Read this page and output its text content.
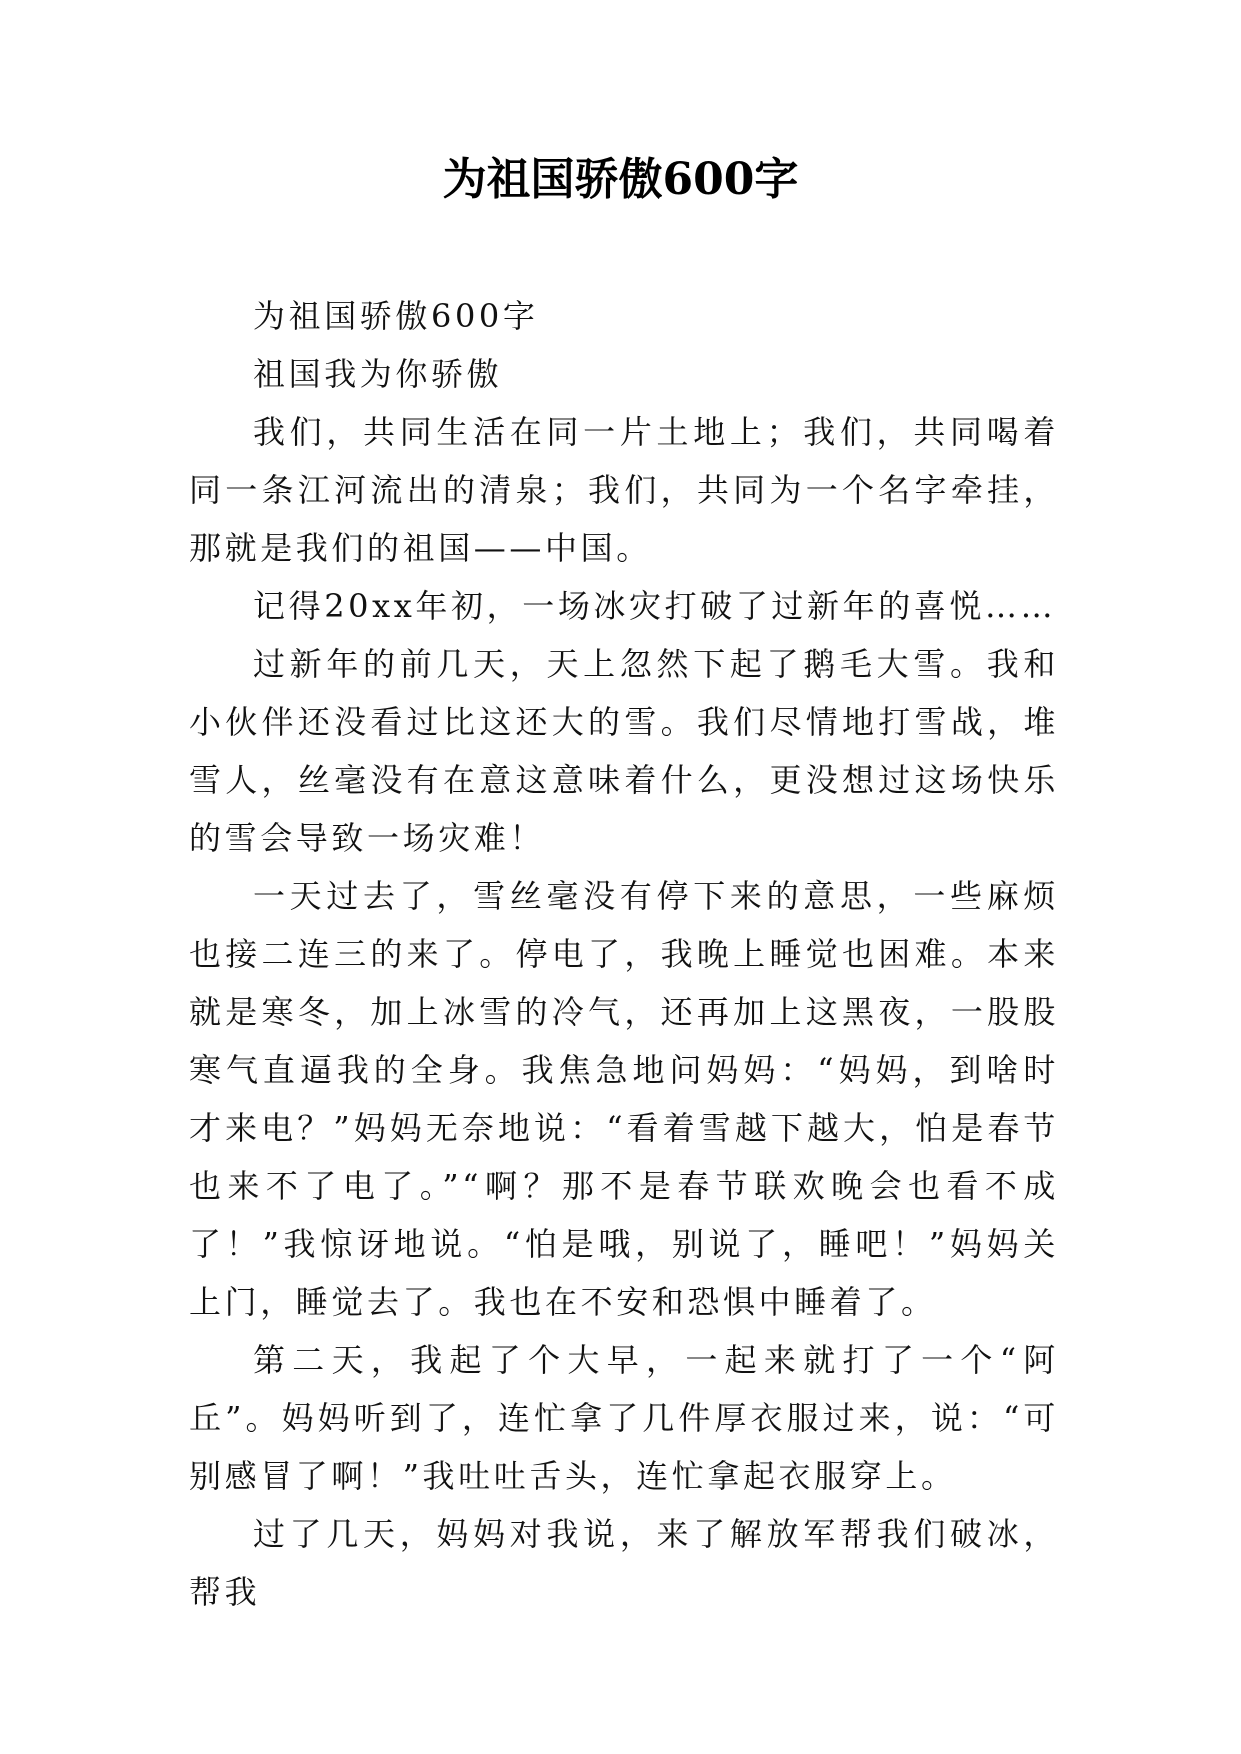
为祖国骄傲600字

为祖国骄傲600字

祖国我为你骄傲

我们，共同生活在同一片土地上；我们，共同喝着同一条江河流出的清泉；我们，共同为一个名字牵挂，那就是我们的祖国——中国。

记得20xx年初，一场冰灾打破了过新年的喜悦……

过新年的前几天，天上忽然下起了鹅毛大雪。我和小伙伴还没看过比这还大的雪。我们尽情地打雪战，堆雪人，丝毫没有在意这意味着什么，更没想过这场快乐的雪会导致一场灾难！

一天过去了，雪丝毫没有停下来的意思，一些麻烦也接二连三的来了。停电了，我晚上睡觉也困难。本来就是寒冬，加上冰雪的冷气，还再加上这黑夜，一股股寒气直逼我的全身。我焦急地问妈妈：“妈妈，到啥时才来电？”妈妈无奈地说：“看着雪越下越大，怕是春节也来不了电了。”“啊？那不是春节联欢晚会也看不成了！”我惊讶地说。“怕是哦，别说了，睡吧！”妈妈关上门，睡觉去了。我也在不安和恐惧中睡着了。

第二天，我起了个大早，一起来就打了一个“阿丘”。妈妈听到了，连忙拿了几件厚衣服过来，说：“可别感冒了啊！”我吐吐舌头，连忙拿起衣服穿上。

过了几天，妈妈对我说，来了解放军帮我们破冰，帮我
